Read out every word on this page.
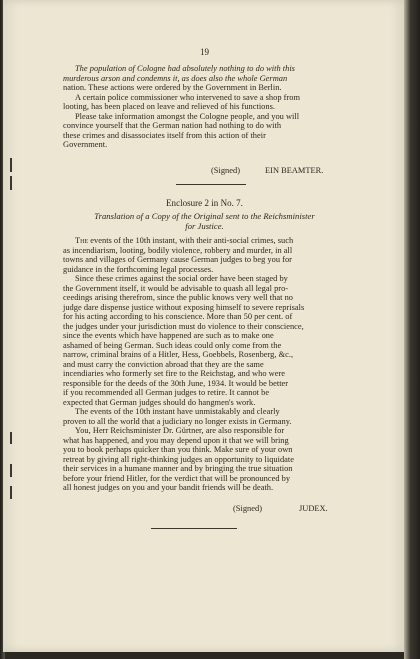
19

The population of Cologne had absolutely nothing to do with this
murderous arson and condemns it, as does also the whole German
nation. These actions were ordered by the Government in Berlin.

A certain police commissioner who intervened to save a shop from
looting, has been placed on leave and relieved of his functions.

Please take information amongst the Cologne people, and you will
convince yourself that the German nation had nothing to do with
these crimes and disassociates itself from this action of their
Government.

(Signed)	EIN BEAMTER.
Enclosure 2 in No. 7.
Translation of a Copy of the Original sent to the Reichsminister
for Justice.

The events of the 10th instant, with their anti-social crimes, such
as incendiarism, looting, bodily violence, robbery and murder, in all
towns and villages of Germany cause German judges to beg you for
guidance in the forthcoming legal processes.

Since these crimes against the social order have been staged by
the Government itself, it would be advisable to quash all legal pro-
ceedings arising therefrom, since the public knows very well that no
judge dare dispense justice without exposing himself to severe reprisals
for his acting according to his conscience. More than 50 per cent. of
the judges under your jurisdiction must do violence to their conscience,
since the events which have happened are such as to make one
ashamed of being German. Such ideas could only come from the
narrow, criminal brains of a Hitler, Hess, Goebbels, Rosenberg, &c.,
and must carry the conviction abroad that they are the same
incendiaries who formerly set fire to the Reichstag, and who were
responsible for the deeds of the 30th June, 1934. It would be better
if you recommended all German judges to retire. It cannot be
expected that German judges should do hangmen's work.

The events of the 10th instant have unmistakably and clearly
proven to all the world that a judiciary no longer exists in Germany.

You, Herr Reichsminister Dr. Gürtner, are also responsible for
what has happened, and you may depend upon it that we will bring
you to book perhaps quicker than you think. Make sure of your own
retreat by giving all right-thinking judges an opportunity to liquidate
their services in a humane manner and by bringing the true situation
before your friend Hitler, for the verdict that will be pronounced by
all honest judges on you and your bandit friends will be death.

(Signed)	JUDEX.
